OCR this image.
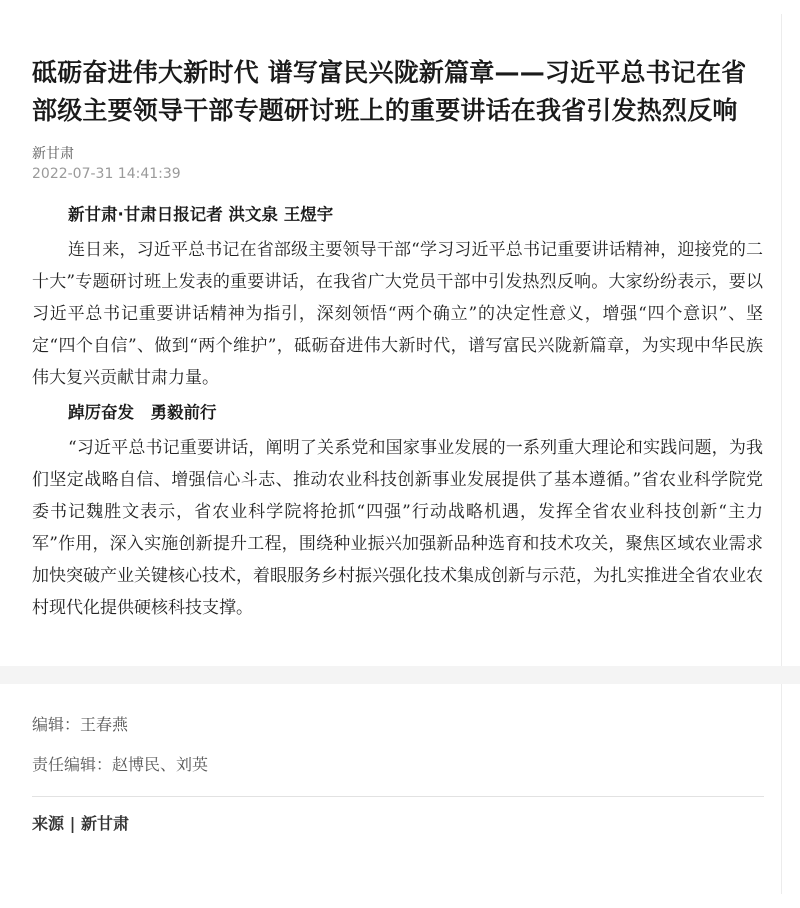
砥砺奋进伟大新时代 谱写富民兴陇新篇章——习近平总书记在省部级主要领导干部专题研讨班上的重要讲话在我省引发热烈反响
新甘肃
2022-07-31 14:41:39
新甘肃·甘肃日报记者 洪文泉 王煜宇

连日来，习近平总书记在省部级主要领导干部“学习习近平总书记重要讲话精神，迎接党的二十大”专题研讨班上发表的重要讲话，在我省广大党员干部中引发热烈反响。大家纷纷表示，要以习近平总书记重要讲话精神为指引，深刻领悟“两个确立”的决定性意义，增强“四个意识”、坚定“四个自信”、做到“两个维护”，砥砺奋进伟大新时代，谱写富民兴陇新篇章，为实现中华民族伟大复兴贡献甘肃力量。

踔厉奋发　勇毅前行

“习近平总书记重要讲话，阐明了关系党和国家事业发展的一系列重大理论和实践问题，为我们坚定战略自信、增强信心斗志、推动农业科技创新事业发展提供了基本遵循。”省农业科学院党委书记魏胜文表示，省农业科学院将抢抓“四强”行动战略机遇，发挥全省农业科技创新“主力军”作用，深入实施创新提升工程，围绕种业振兴加强新品种选育和技术攻关，聚焦区域农业需求加快突破产业关键核心技术，着眼服务乡村振兴强化技术集成创新与示范，为扎实推进全省农业农村现代化提供硬核科技支撑。

编辑：王春燕
责任编辑：赵博民、刘英
来源 | 新甘肃
